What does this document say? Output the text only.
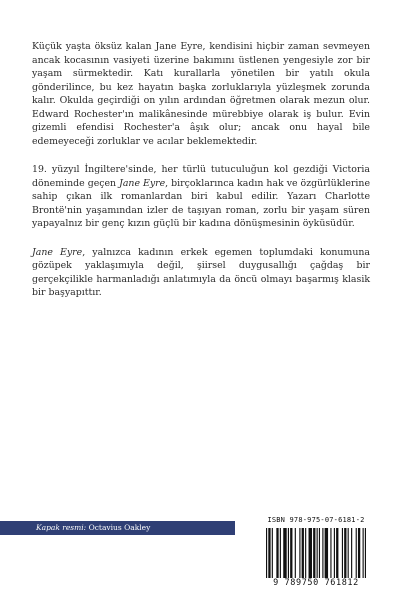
Küçük yaşta öksüz kalan Jane Eyre, kendisini hiçbir zaman sevmeyen ancak kocasının vasiyeti üzerine bakımını üstlenen yengesiyle zor bir yaşam sürmektedir. Katı kurallarla yönetilen bir yatılı okula gönderilince, bu kez hayatın başka zorluklarıyla yüzleşmek zorunda kalır. Okulda geçirdiği on yılın ardından öğretmen olarak mezun olur. Edward Rochester'ın malikânesinde mürebbiye olarak iş bulur. Evin gizemli efendisi Rochester'a âşık olur; ancak onu hayal bile edemeyeceği zorluklar ve acılar beklemektedir.

19. yüzyıl İngiltere'sinde, her türlü tutuculuğun kol gezdiği Victoria döneminde geçen Jane Eyre, birçoklarınca kadın hak ve özgürlüklerine sahip çıkan ilk romanlardan biri kabul edilir. Yazarı Charlotte Brontë'nin yaşamından izler de taşıyan roman, zorlu bir yaşam süren yapayalnız bir genç kızın güçlü bir kadına dönüşmesinin öyküsüdür.

Jane Eyre, yalnızca kadının erkek egemen toplumdaki konumuna gözüpek yaklaşımıyla değil, şiirsel duygusallığı çağdaş bir gerçekçilikle harmanladığı anlatımıyla da öncü olmayı başarmış klasik bir başyapıttır.

Kapak resmi: Octavius Oakley
ISBN 978-975-07-6181-2
9 789750 761812
